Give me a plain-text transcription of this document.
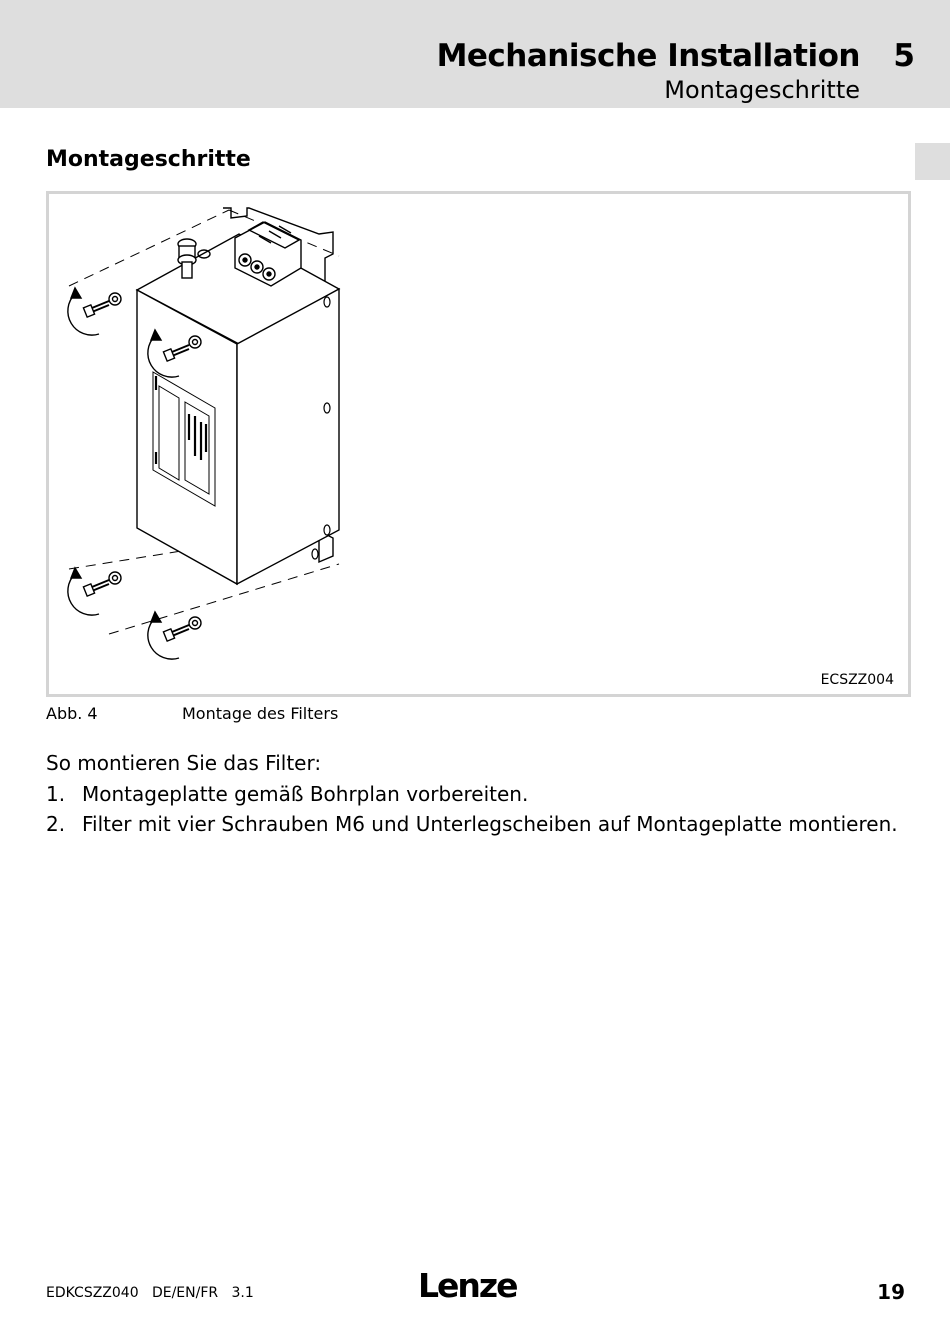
Mechanische Installation 5
Montageschritte
Montageschritte
ECSZZ004
Abb. 4	Montage des Filters
So montieren Sie das Filter:
1. Montageplatte gemäß Bohrplan vorbereiten.
2. Filter mit vier Schrauben M6 und Unterlegscheiben auf Montageplatte montieren.
EDKCSZZ040   DE/EN/FR   3.1	Lenze	19
